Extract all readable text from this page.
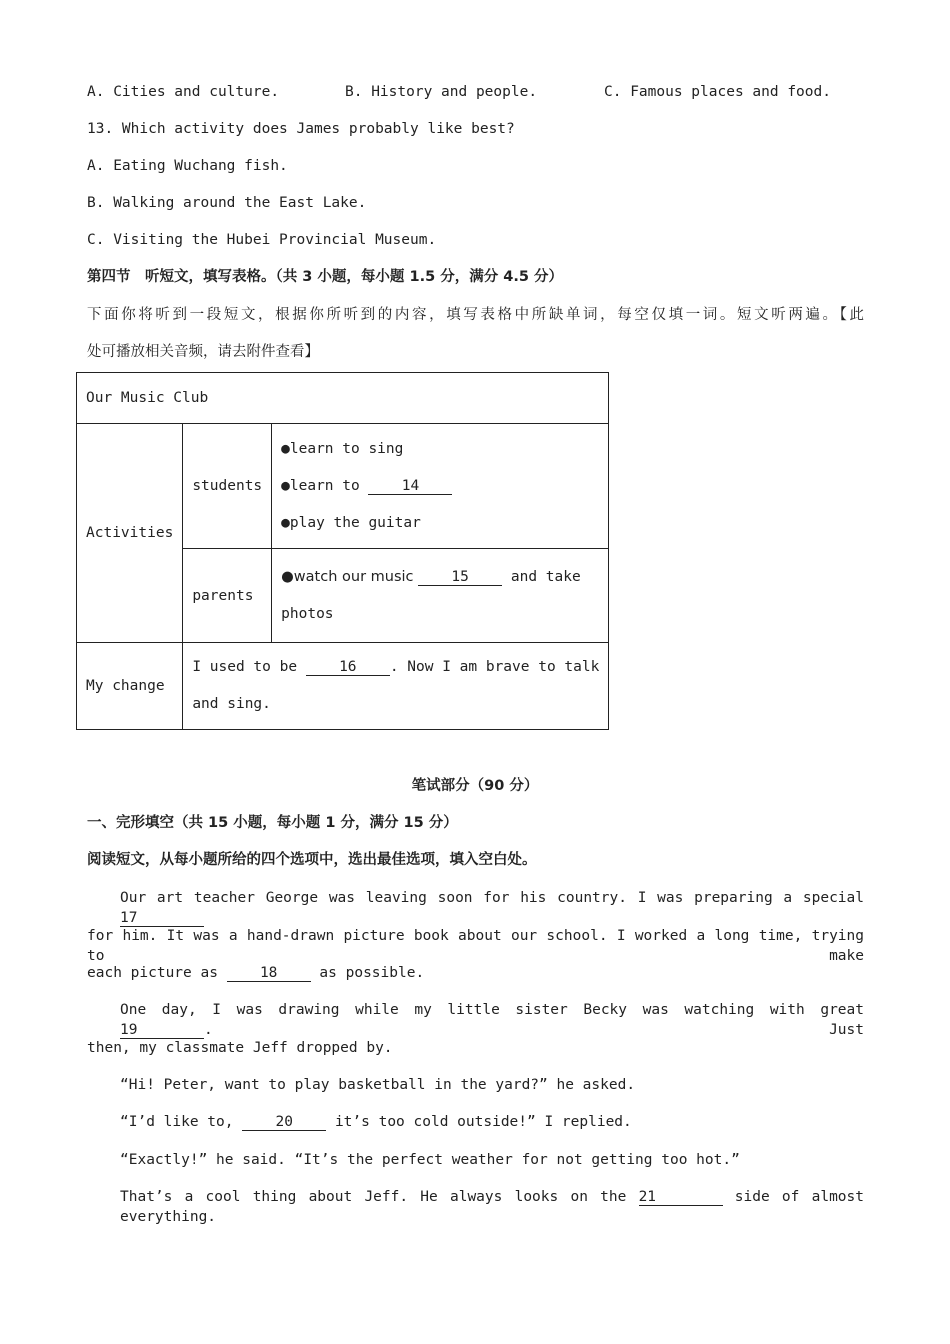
A. Cities and culture.	B. History and people.	C. Famous places and food.
13. Which activity does James probably like best?
A. Eating Wuchang fish.
B. Walking around the East Lake.
C. Visiting the Hubei Provincial Museum.
第四节　听短文，填写表格。（共 3 小题，每小题 1.5 分，满分 4.5 分）
下面你将听到一段短文，根据你所听到的内容，填写表格中所缺单词，每空仅填一词。短文听两遍。【此
处可播放相关音频，请去附件查看】
Our Music Club		
Activities	students	●learn to sing
●learn to 14
●play the guitar

	parents	●watch our music 15 and take
photos

My change	I used to be 16 . Now I am brave to talk
and sing.	
笔试部分（90 分）
一、完形填空（共 15 小题，每小题 1 分，满分 15 分）
阅读短文，从每小题所给的四个选项中，选出最佳选项，填入空白处。
Our art teacher George was leaving soon for his country. I was preparing a special 17
for him. It was a hand-drawn picture book about our school. I worked a long time, trying to make
each picture as 18 as possible.
One day, I was drawing while my little sister Becky was watching with great 19	. Just
then, my classmate Jeff dropped by.
“Hi! Peter, want to play basketball in the yard?” he asked.
“I’d like to, 20 it’s too cold outside!” I replied.
“Exactly!” he said. “It’s the perfect weather for not getting too hot.”
That’s a cool thing about Jeff. He always looks on the 21	side of almost everything.
